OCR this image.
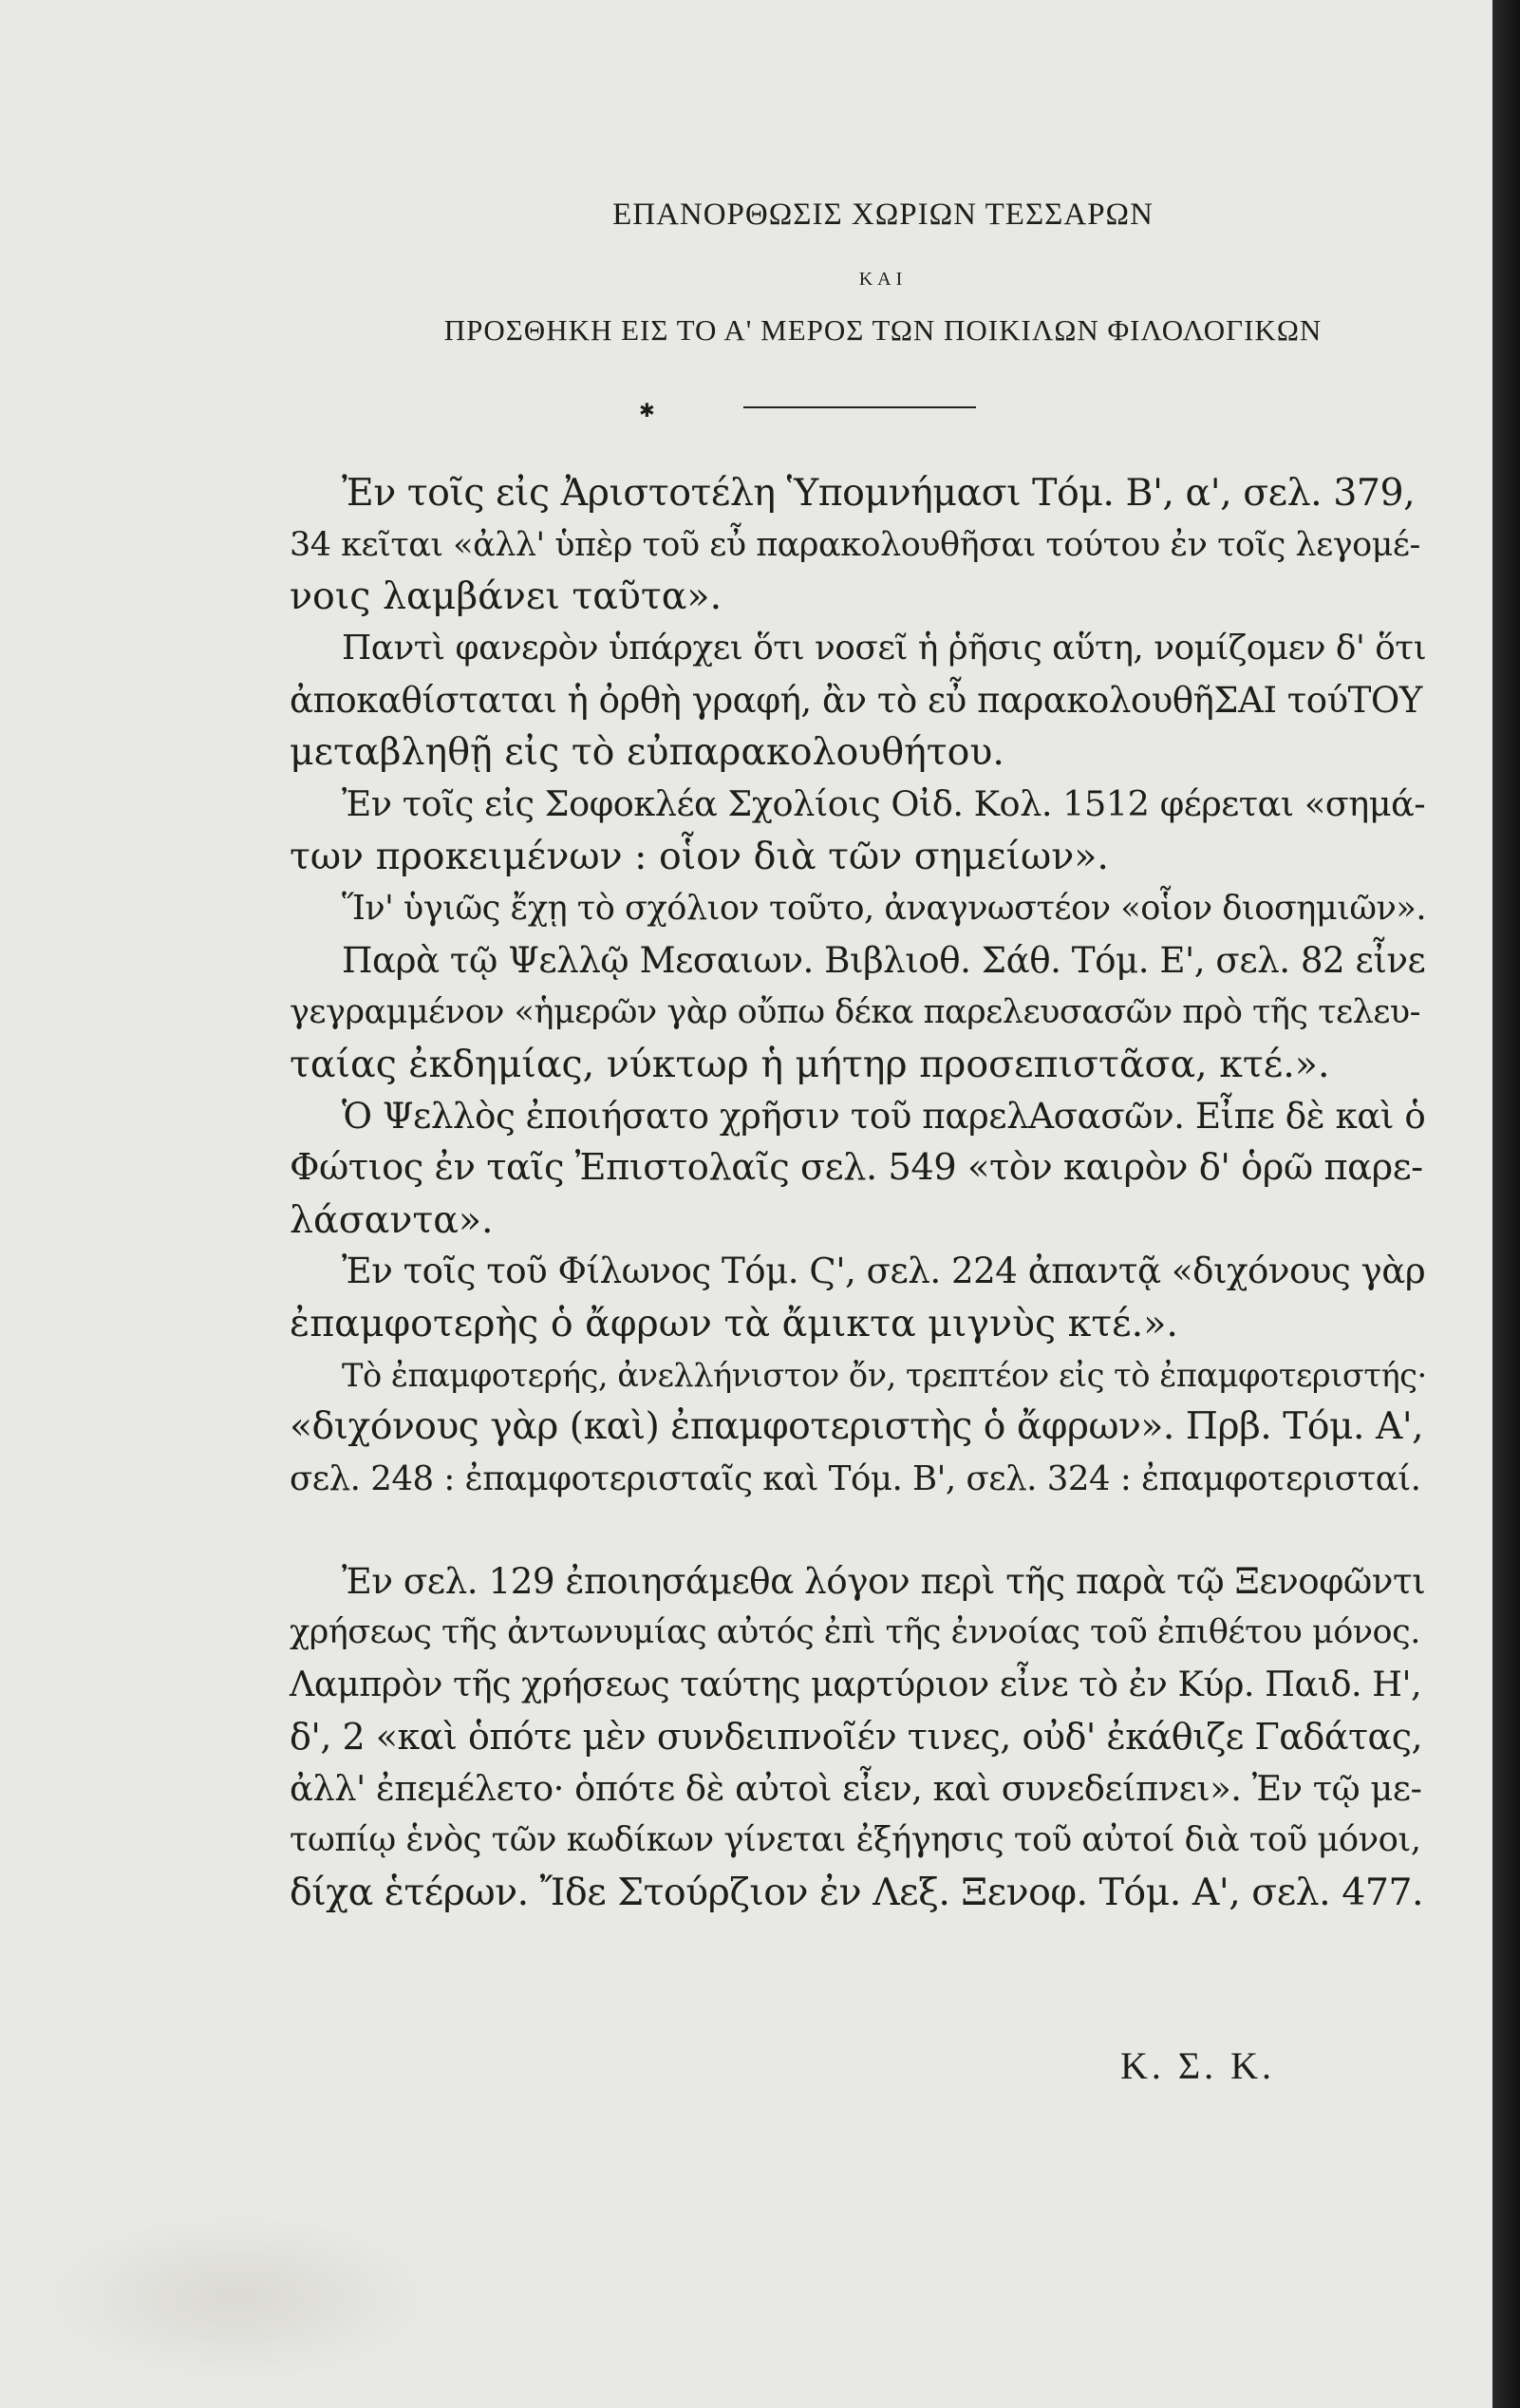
ΕΠΑΝΟΡΘΩΣΙΣ ΧΩΡΙΩΝ ΤΕΣΣΑΡΩΝ
ΚΑΙ
ΠΡΟΣΘΗΚΗ ΕΙΣ ΤΟ Α' ΜΕΡΟΣ ΤΩΝ ΠΟΙΚΙΛΩΝ ΦΙΛΟΛΟΓΙΚΩΝ
✱
Ἐν τοῖς εἰς Ἀριστοτέλη Ὑπομνήμασι Τόμ. Β', α', σελ. 379,
34 κεῖται «ἀλλ' ὑπὲρ τοῦ εὖ παρακολουθῆσαι τούτου ἐν τοῖς λεγομέ-
νοις λαμβάνει ταῦτα».
Παντὶ φανερὸν ὑπάρχει ὅτι νοσεῖ ἡ ῥῆσις αὕτη, νομίζομεν δ' ὅτι
ἀποκαθίσταται ἡ ὀρθὴ γραφή, ἂν τὸ εὖ παρακολουθῆΣΑΙ τούΤΟΥ
μεταβληθῇ εἰς τὸ εὐπαρακολουθήτου.
Ἐν τοῖς εἰς Σοφοκλέα Σχολίοις Οἰδ. Κολ. 1512 φέρεται «σημά-
των προκειμένων : οἷον διὰ τῶν σημείων».
Ἵν' ὑγιῶς ἔχῃ τὸ σχόλιον τοῦτο, ἀναγνωστέον «οἷον διοσημιῶν».
Παρὰ τῷ Ψελλῷ Μεσαιων. Βιβλιοθ. Σάθ. Τόμ. Ε', σελ. 82 εἶνε
γεγραμμένον «ἡμερῶν γὰρ οὔπω δέκα παρελευσασῶν πρὸ τῆς τελευ-
ταίας ἐκδημίας, νύκτωρ ἡ μήτηρ προσεπιστᾶσα, κτέ.».
Ὁ Ψελλὸς ἐποιήσατο χρῆσιν τοῦ παρελΑσασῶν. Εἶπε δὲ καὶ ὁ
Φώτιος ἐν ταῖς Ἐπιστολαῖς σελ. 549 «τὸν καιρὸν δ' ὁρῶ παρε-
λάσαντα».
Ἐν τοῖς τοῦ Φίλωνος Τόμ. Ϛ', σελ. 224 ἀπαντᾷ «διχόνους γὰρ
ἐπαμφοτερὴς ὁ ἄφρων τὰ ἄμικτα μιγνὺς κτέ.».
Τὸ ἐπαμφοτερής, ἀνελλήνιστον ὄν, τρεπτέον εἰς τὸ ἐπαμφοτεριστής·
«διχόνους γὰρ (καὶ) ἐπαμφοτεριστὴς ὁ ἄφρων». Πρβ. Τόμ. Α',
σελ. 248 : ἐπαμφοτερισταῖς καὶ Τόμ. Β', σελ. 324 : ἐπαμφοτερισταί.
Ἐν σελ. 129 ἐποιησάμεθα λόγον περὶ τῆς παρὰ τῷ Ξενοφῶντι
χρήσεως τῆς ἀντωνυμίας αὐτός ἐπὶ τῆς ἐννοίας τοῦ ἐπιθέτου μόνος.
Λαμπρὸν τῆς χρήσεως ταύτης μαρτύριον εἶνε τὸ ἐν Κύρ. Παιδ. Η',
δ', 2 «καὶ ὁπότε μὲν συνδειπνοῖέν τινες, οὐδ' ἐκάθιζε Γαδάτας,
ἀλλ' ἐπεμέλετο· ὁπότε δὲ αὐτοὶ εἶεν, καὶ συνεδείπνει». Ἐν τῷ με-
τωπίῳ ἑνὸς τῶν κωδίκων γίνεται ἐξήγησις τοῦ αὐτοί διὰ τοῦ μόνοι,
δίχα ἑτέρων. Ἴδε Στούρζιον ἐν Λεξ. Ξενοφ. Τόμ. Α', σελ. 477.
Κ. Σ. Κ.
